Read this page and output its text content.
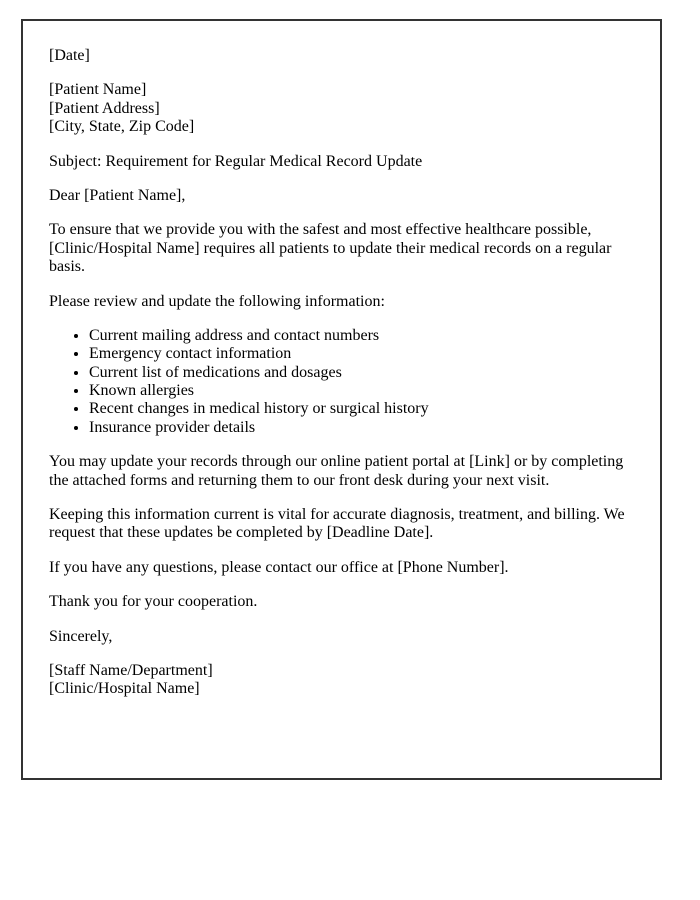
[Date]

[Patient Name]
[Patient Address]
[City, State, Zip Code]

Subject: Requirement for Regular Medical Record Update

Dear [Patient Name],

To ensure that we provide you with the safest and most effective healthcare possible, [Clinic/Hospital Name] requires all patients to update their medical records on a regular basis.

Please review and update the following information:

• Current mailing address and contact numbers
• Emergency contact information
• Current list of medications and dosages
• Known allergies
• Recent changes in medical history or surgical history
• Insurance provider details

You may update your records through our online patient portal at [Link] or by completing the attached forms and returning them to our front desk during your next visit.

Keeping this information current is vital for accurate diagnosis, treatment, and billing. We request that these updates be completed by [Deadline Date].

If you have any questions, please contact our office at [Phone Number].

Thank you for your cooperation.

Sincerely,

[Staff Name/Department]
[Clinic/Hospital Name]
